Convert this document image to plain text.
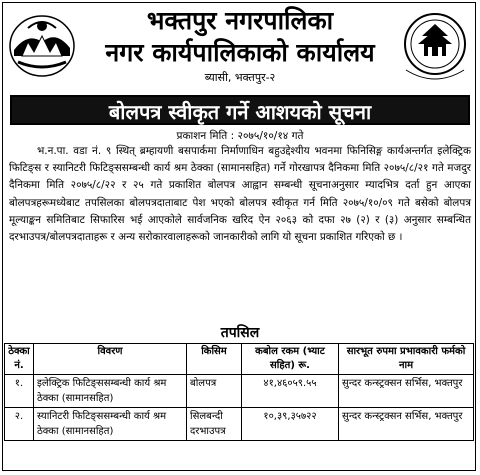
भक्तपुर नगरपालिका
नगर कार्यपालिकाको कार्यालय
ब्यासी, भक्तपुर-२
बोलपत्र स्वीकृत गर्ने आशयको सूचना
प्रकाशन मिति : २०७५/१०/१४ गते

भ.न.पा. वडा नं. ९ स्थित् ब्रम्हायणी बसपार्कमा निर्माणाधिन बहुउद्देश्यीय भवनमा फिनिसिङ्ग कार्यअन्तर्गत इलेक्ट्रिक फिटिङ्स र स्यानिटरी फिटिङ्ससम्बन्धी कार्य श्रम ठेक्का (सामानसहित) गर्ने गोरखापत्र दैनिकमा मिति २०७५/८/२१ गते मजदुर दैनिकमा मिति २०७५/८/२२ र २५ गते प्रकाशित बोलपत्र आह्वान सम्बन्धी सूचनाअनुसार म्यादभित्र दर्ता हुन आएका बोलपत्रहरूमध्येबाट तपसिलका बोलपत्रदाताबाट पेश भएको बोलपत्र स्वीकृत गर्न मिति २०७५/१०/०९ गते बसेको बोलपत्र मूल्याङ्कन समितिबाट सिफारिस भई आएकोले सार्वजनिक खरिद ऐन २०६३ को दफा २७ (२) र (३) अनुसार सम्बन्धित दरभाउपत्र/बोलपत्रदाताहरू र अन्य सरोकारवालाहरूको जानकारीको लागि यो सूचना प्रकाशित गरिएको छ ।

तपसिल
ठेक्का नं.	विवरण	किसिम	कबोल रकम (भ्याट सहित) रू.	सारभूत रुपमा प्रभावकारी फर्मको नाम
१.	इलेक्ट्रिक फिटिङ्ससम्बन्धी कार्य श्रम ठेक्का (सामानसहित)	बोलपत्र	४१,४६०५९.५५	सुन्दर कन्स्ट्रक्सन सर्भिस, भक्तपुर
२.	स्यानिटरी फिटिङ्ससम्बन्धी कार्य श्रम ठेक्का (सामानसहित)	सिलबन्दी दरभाउपत्र	१०,३९,३५७२२	सुन्दर कन्स्ट्रक्सन सर्भिस, भक्तपुर
